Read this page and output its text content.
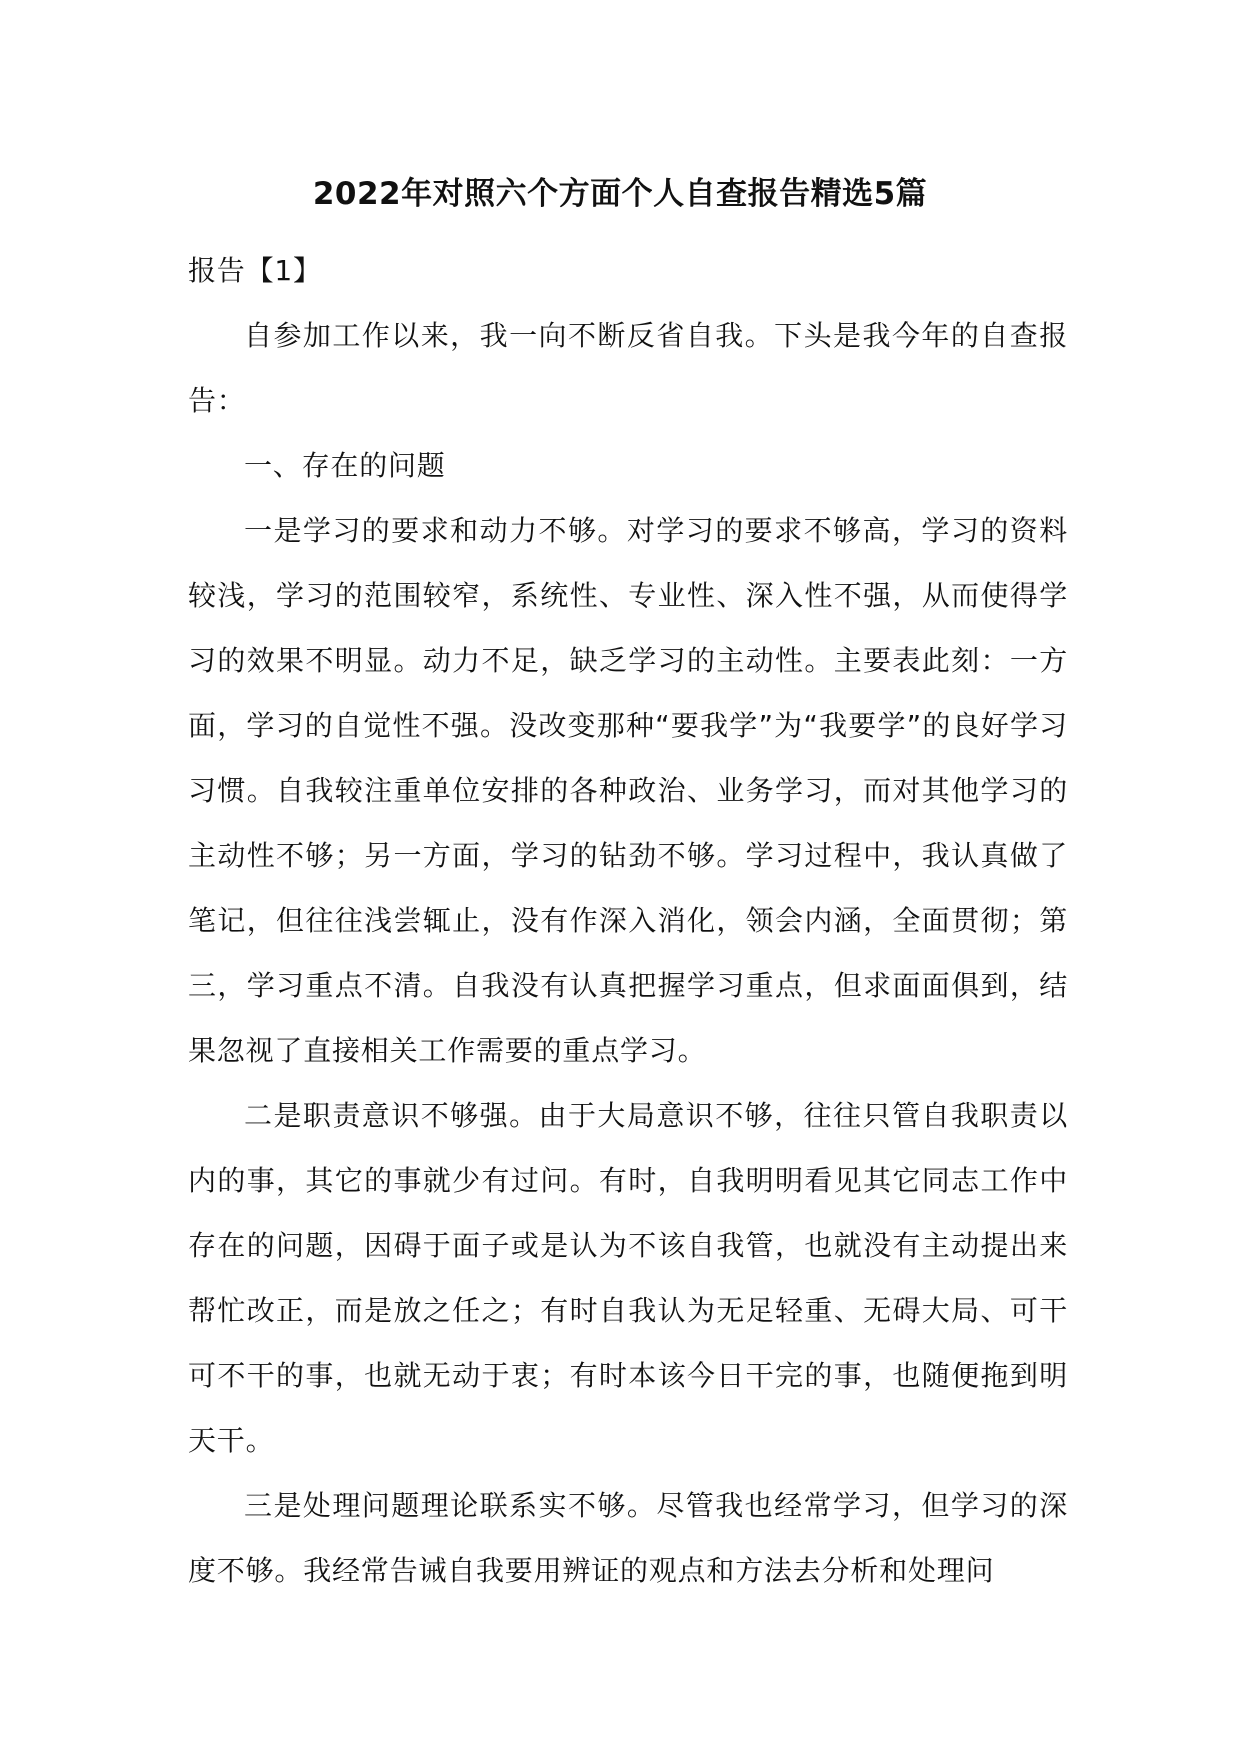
2022年对照六个方面个人自查报告精选5篇

报告【1】

自参加工作以来，我一向不断反省自我。下头是我今年的自查报告：

一、存在的问题

一是学习的要求和动力不够。对学习的要求不够高，学习的资料较浅，学习的范围较窄，系统性、专业性、深入性不强，从而使得学习的效果不明显。动力不足，缺乏学习的主动性。主要表此刻：一方面，学习的自觉性不强。没改变那种“要我学”为“我要学”的良好学习习惯。自我较注重单位安排的各种政治、业务学习，而对其他学习的主动性不够；另一方面，学习的钻劲不够。学习过程中，我认真做了笔记，但往往浅尝辄止，没有作深入消化，领会内涵，全面贯彻；第三，学习重点不清。自我没有认真把握学习重点，但求面面俱到，结果忽视了直接相关工作需要的重点学习。

二是职责意识不够强。由于大局意识不够，往往只管自我职责以内的事，其它的事就少有过问。有时，自我明明看见其它同志工作中存在的问题，因碍于面子或是认为不该自我管，也就没有主动提出来帮忙改正，而是放之任之；有时自我认为无足轻重、无碍大局、可干可不干的事，也就无动于衷；有时本该今日干完的事，也随便拖到明天干。

三是处理问题理论联系实不够。尽管我也经常学习，但学习的深度不够。我经常告诫自我要用辨证的观点和方法去分析和处理问
